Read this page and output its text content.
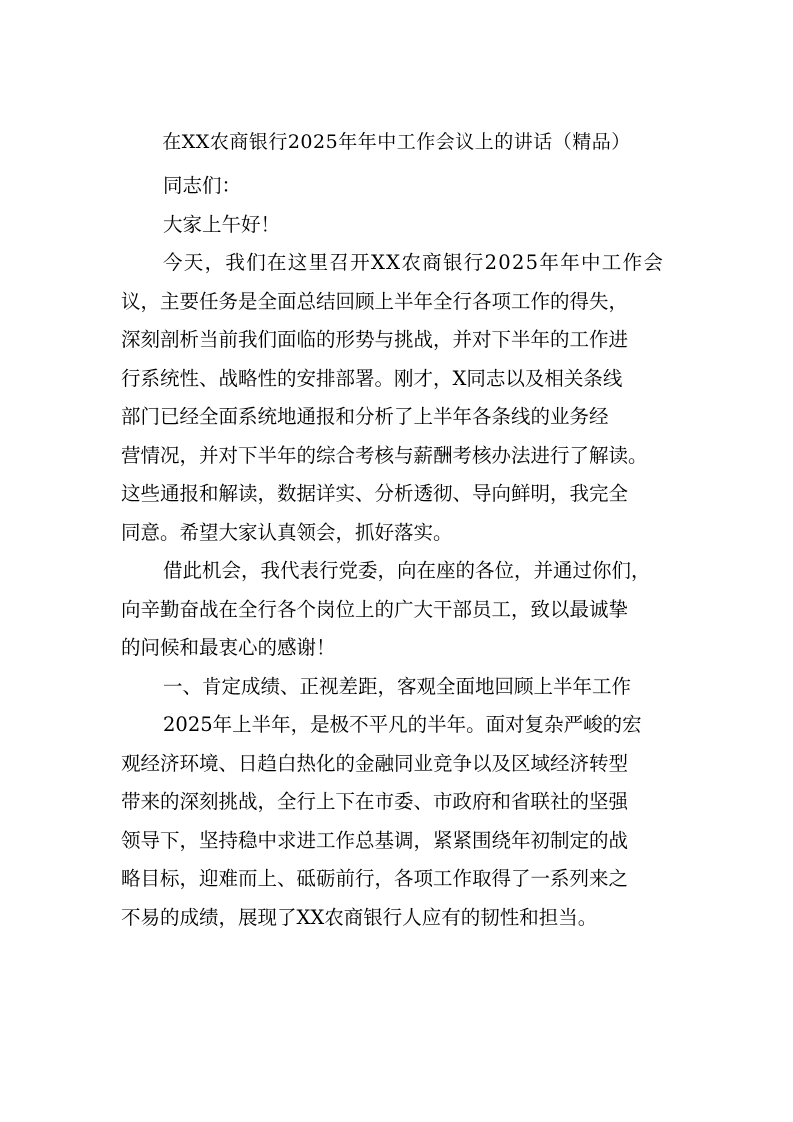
在XX农商银行2025年年中工作会议上的讲话（精品）
同志们：
大家上午好！
今天，我们在这里召开XX农商银行2025年年中工作会
议，主要任务是全面总结回顾上半年全行各项工作的得失，
深刻剖析当前我们面临的形势与挑战，并对下半年的工作进
行系统性、战略性的安排部署。刚才，X同志以及相关条线
部门已经全面系统地通报和分析了上半年各条线的业务经
营情况，并对下半年的综合考核与薪酬考核办法进行了解读。
这些通报和解读，数据详实、分析透彻、导向鲜明，我完全
同意。希望大家认真领会，抓好落实。
借此机会，我代表行党委，向在座的各位，并通过你们，
向辛勤奋战在全行各个岗位上的广大干部员工，致以最诚挚
的问候和最衷心的感谢！
一、肯定成绩、正视差距，客观全面地回顾上半年工作
2025年上半年，是极不平凡的半年。面对复杂严峻的宏
观经济环境、日趋白热化的金融同业竞争以及区域经济转型
带来的深刻挑战，全行上下在市委、市政府和省联社的坚强
领导下，坚持稳中求进工作总基调，紧紧围绕年初制定的战
略目标，迎难而上、砥砺前行，各项工作取得了一系列来之
不易的成绩，展现了XX农商银行人应有的韧性和担当。
